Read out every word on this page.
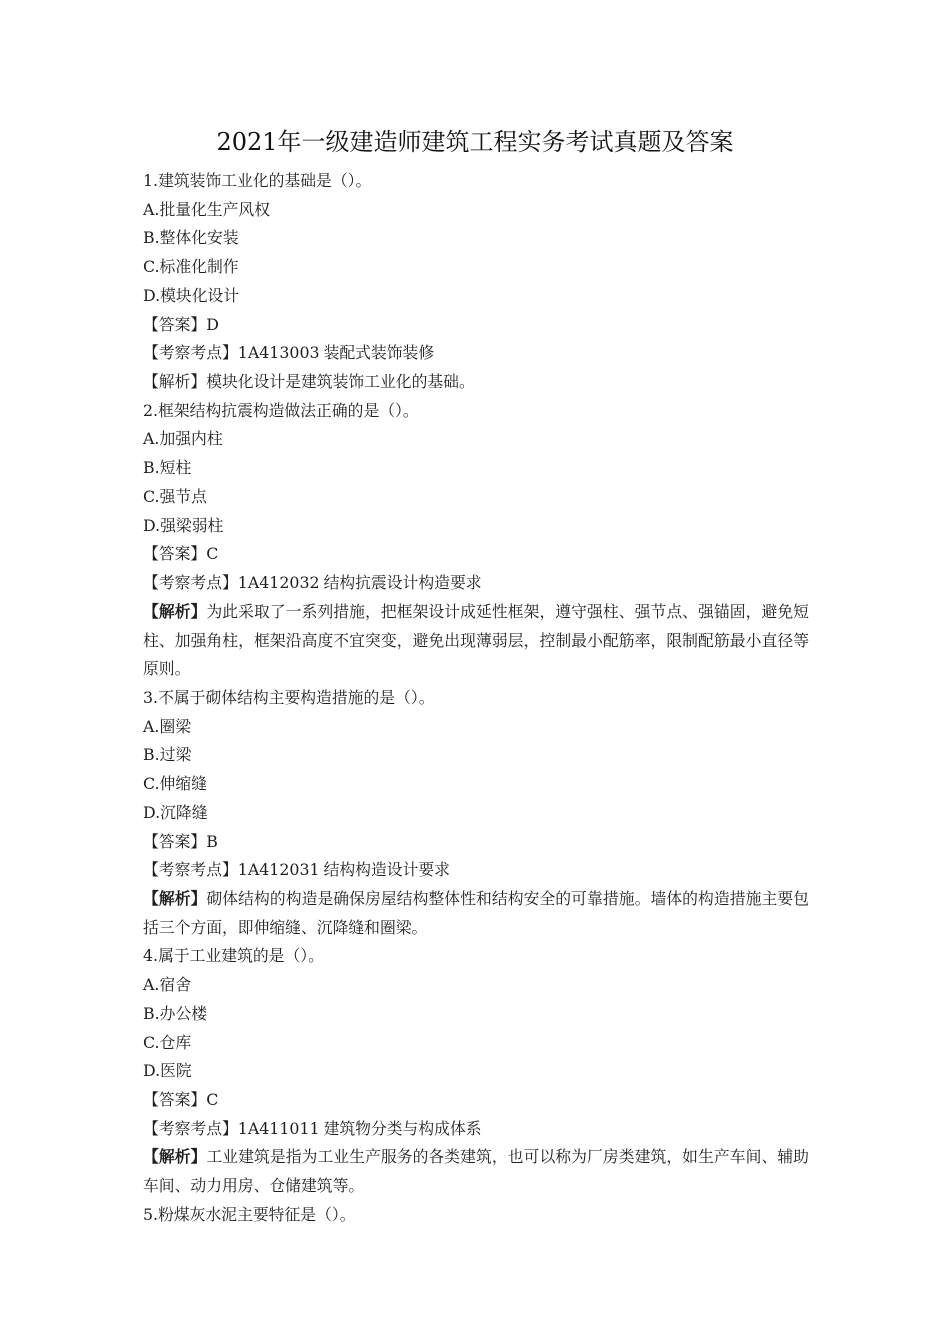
2021年一级建造师建筑工程实务考试真题及答案

1.建筑装饰工业化的基础是（）。

A.批量化生产风权

B.整体化安装

C.标准化制作

D.模块化设计

【答案】D

【考察考点】1A413003 装配式装饰装修

【解析】模块化设计是建筑装饰工业化的基础。

2.框架结构抗震构造做法正确的是（）。

A.加强内柱

B.短柱

C.强节点

D.强梁弱柱

【答案】C

【考察考点】1A412032 结构抗震设计构造要求

【解析】为此采取了一系列措施，把框架设计成延性框架，遵守强柱、强节点、强锚固，避免短柱、加强角柱，框架沿高度不宜突变，避免出现薄弱层，控制最小配筋率，限制配筋最小直径等原则。

3.不属于砌体结构主要构造措施的是（）。

A.圈梁

B.过梁

C.伸缩缝

D.沉降缝

【答案】B

【考察考点】1A412031 结构构造设计要求

【解析】砌体结构的构造是确保房屋结构整体性和结构安全的可靠措施。墙体的构造措施主要包括三个方面，即伸缩缝、沉降缝和圈梁。

4.属于工业建筑的是（）。

A.宿舍

B.办公楼

C.仓库

D.医院

【答案】C

【考察考点】1A411011 建筑物分类与构成体系

【解析】工业建筑是指为工业生产服务的各类建筑，也可以称为厂房类建筑，如生产车间、辅助车间、动力用房、仓储建筑等。

5.粉煤灰水泥主要特征是（）。
